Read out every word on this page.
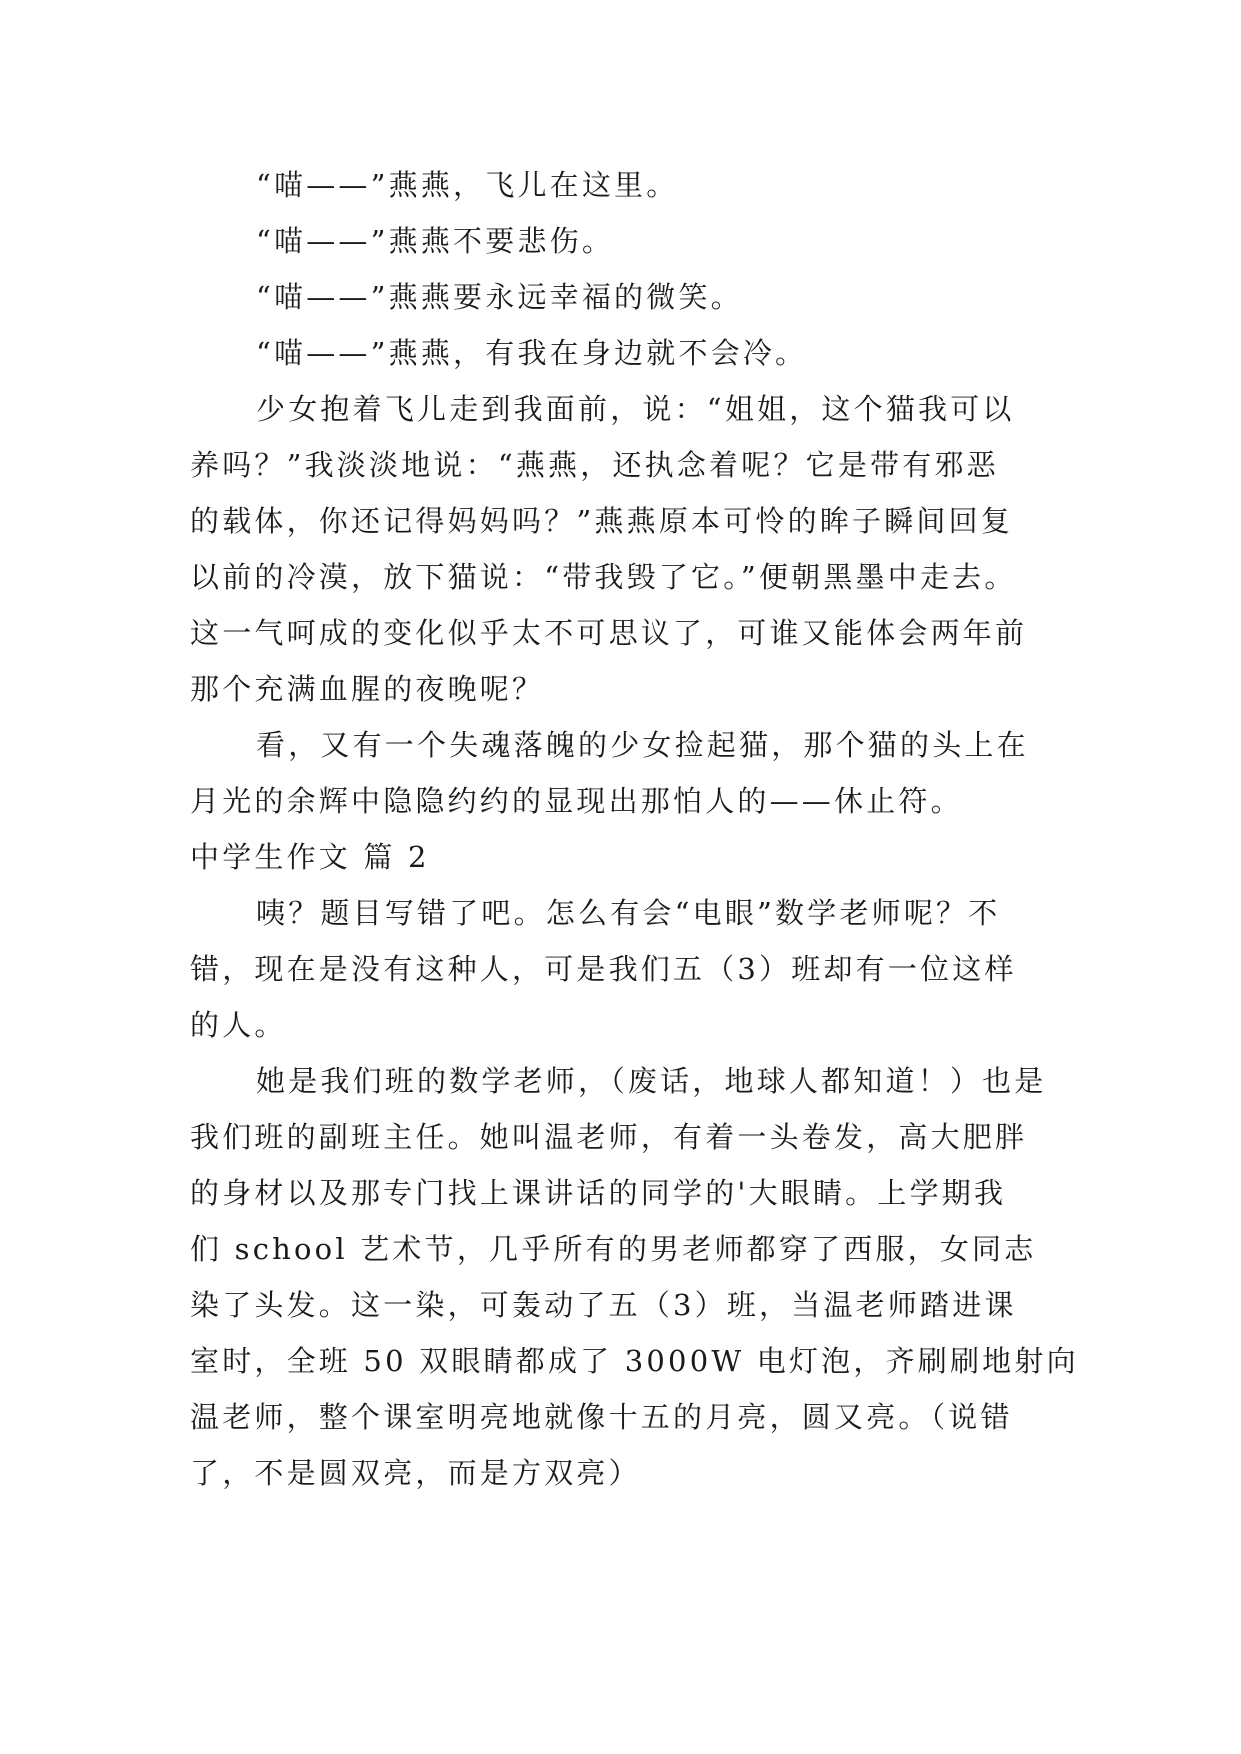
“喵——”燕燕，飞儿在这里。
“喵——”燕燕不要悲伤。
“喵——”燕燕要永远幸福的微笑。
“喵——”燕燕，有我在身边就不会冷。
少女抱着飞儿走到我面前，说：“姐姐，这个猫我可以
养吗？”我淡淡地说：“燕燕，还执念着呢？它是带有邪恶
的载体，你还记得妈妈吗？”燕燕原本可怜的眸子瞬间回复
以前的冷漠，放下猫说：“带我毁了它。”便朝黑墨中走去。
这一气呵成的变化似乎太不可思议了，可谁又能体会两年前
那个充满血腥的夜晚呢？
看，又有一个失魂落魄的少女捡起猫，那个猫的头上在
月光的余辉中隐隐约约的显现出那怕人的——休止符。
中学生作文 篇 2
咦？题目写错了吧。怎么有会“电眼”数学老师呢？不
错，现在是没有这种人，可是我们五（3）班却有一位这样
的人。
她是我们班的数学老师，（废话，地球人都知道！）也是
我们班的副班主任。她叫温老师，有着一头卷发，高大肥胖
的身材以及那专门找上课讲话的同学的'大眼睛。上学期我
们 school 艺术节，几乎所有的男老师都穿了西服，女同志
染了头发。这一染，可轰动了五（3）班，当温老师踏进课
室时，全班 50 双眼睛都成了 3000W 电灯泡，齐刷刷地射向
温老师，整个课室明亮地就像十五的月亮，圆又亮。（说错
了，不是圆双亮，而是方双亮）
